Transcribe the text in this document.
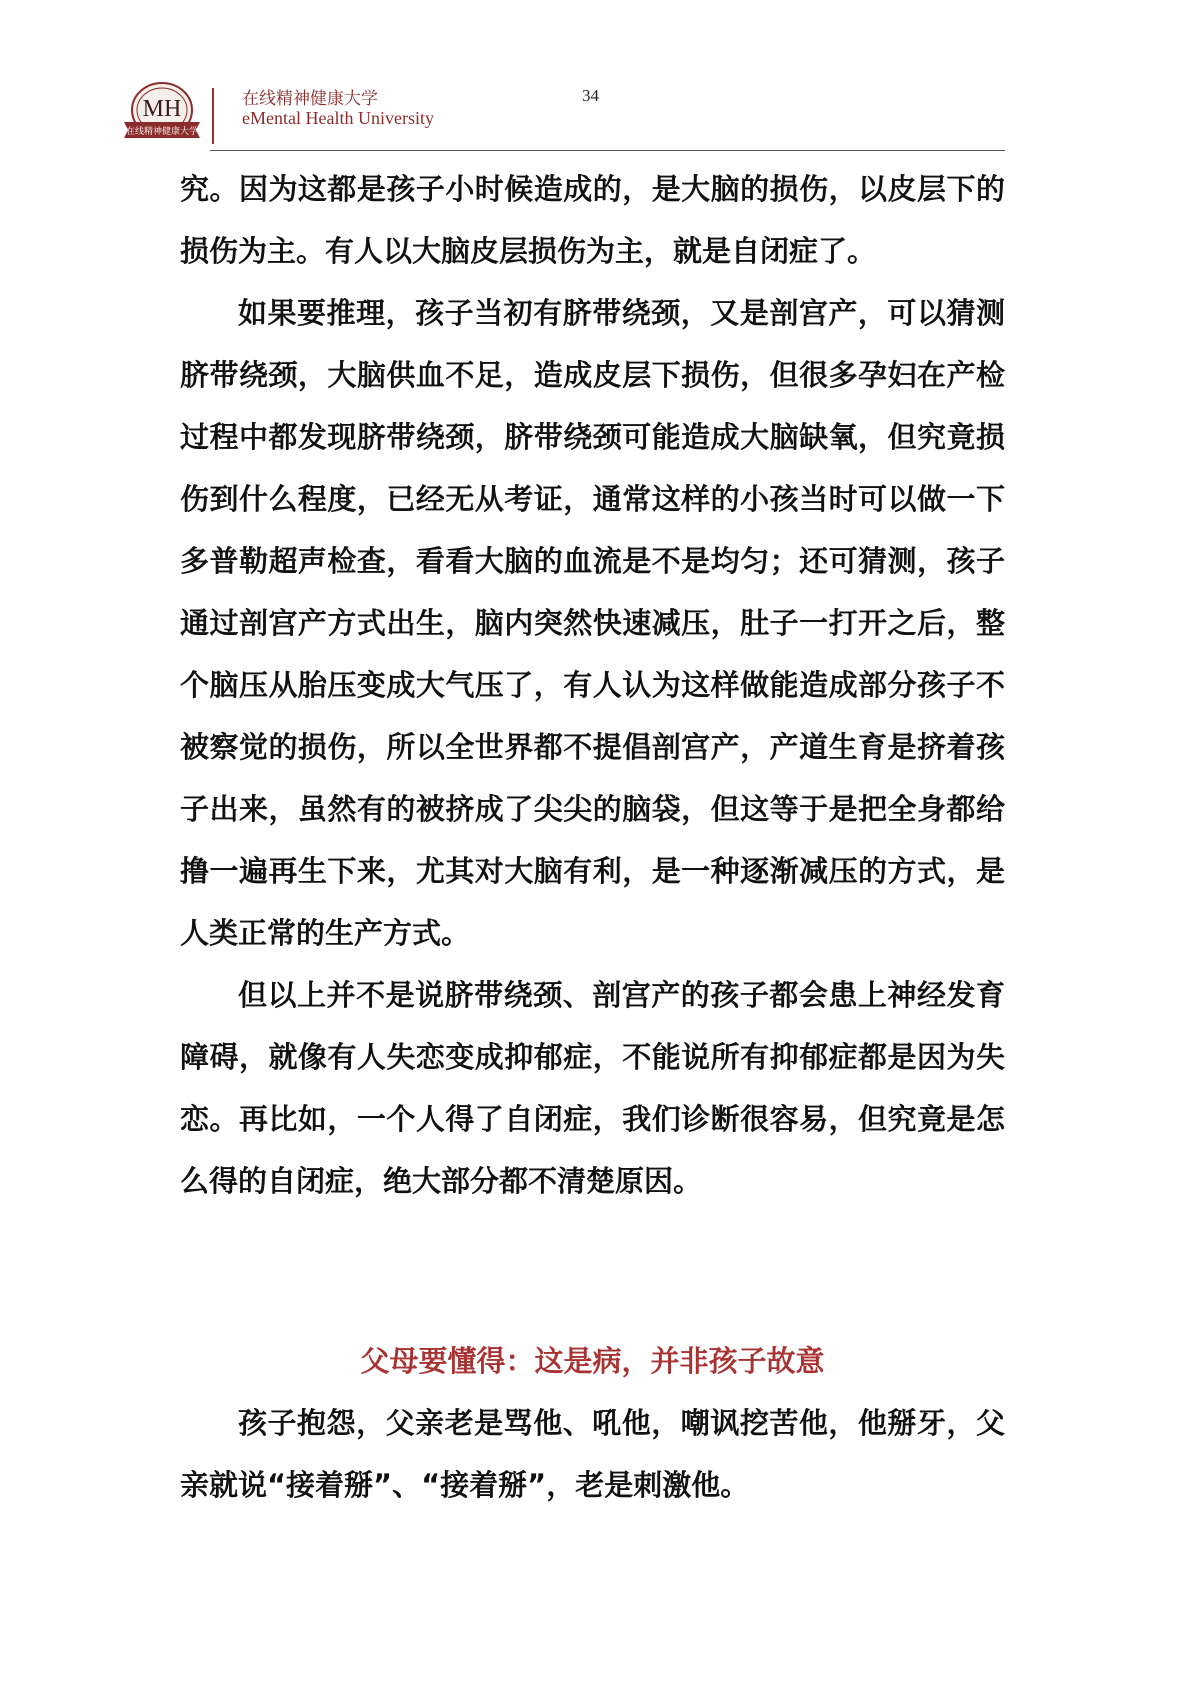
MH
在线精神健康大学
在线精神健康大学
eMental Health University
34

究。因为这都是孩子小时候造成的，是大脑的损伤，以皮层下的损伤为主。有人以大脑皮层损伤为主，就是自闭症了。

如果要推理，孩子当初有脐带绕颈，又是剖宫产，可以猜测脐带绕颈，大脑供血不足，造成皮层下损伤，但很多孕妇在产检过程中都发现脐带绕颈，脐带绕颈可能造成大脑缺氧，但究竟损伤到什么程度，已经无从考证，通常这样的小孩当时可以做一下多普勒超声检查，看看大脑的血流是不是均匀；还可猜测，孩子通过剖宫产方式出生，脑内突然快速减压，肚子一打开之后，整个脑压从胎压变成大气压了，有人认为这样做能造成部分孩子不被察觉的损伤，所以全世界都不提倡剖宫产，产道生育是挤着孩子出来，虽然有的被挤成了尖尖的脑袋，但这等于是把全身都给撸一遍再生下来，尤其对大脑有利，是一种逐渐减压的方式，是人类正常的生产方式。

但以上并不是说脐带绕颈、剖宫产的孩子都会患上神经发育障碍，就像有人失恋变成抑郁症，不能说所有抑郁症都是因为失恋。再比如，一个人得了自闭症，我们诊断很容易，但究竟是怎么得的自闭症，绝大部分都不清楚原因。

父母要懂得：这是病，并非孩子故意

孩子抱怨，父亲老是骂他、吼他，嘲讽挖苦他，他掰牙，父亲就说“接着掰”、“接着掰”，老是刺激他。
